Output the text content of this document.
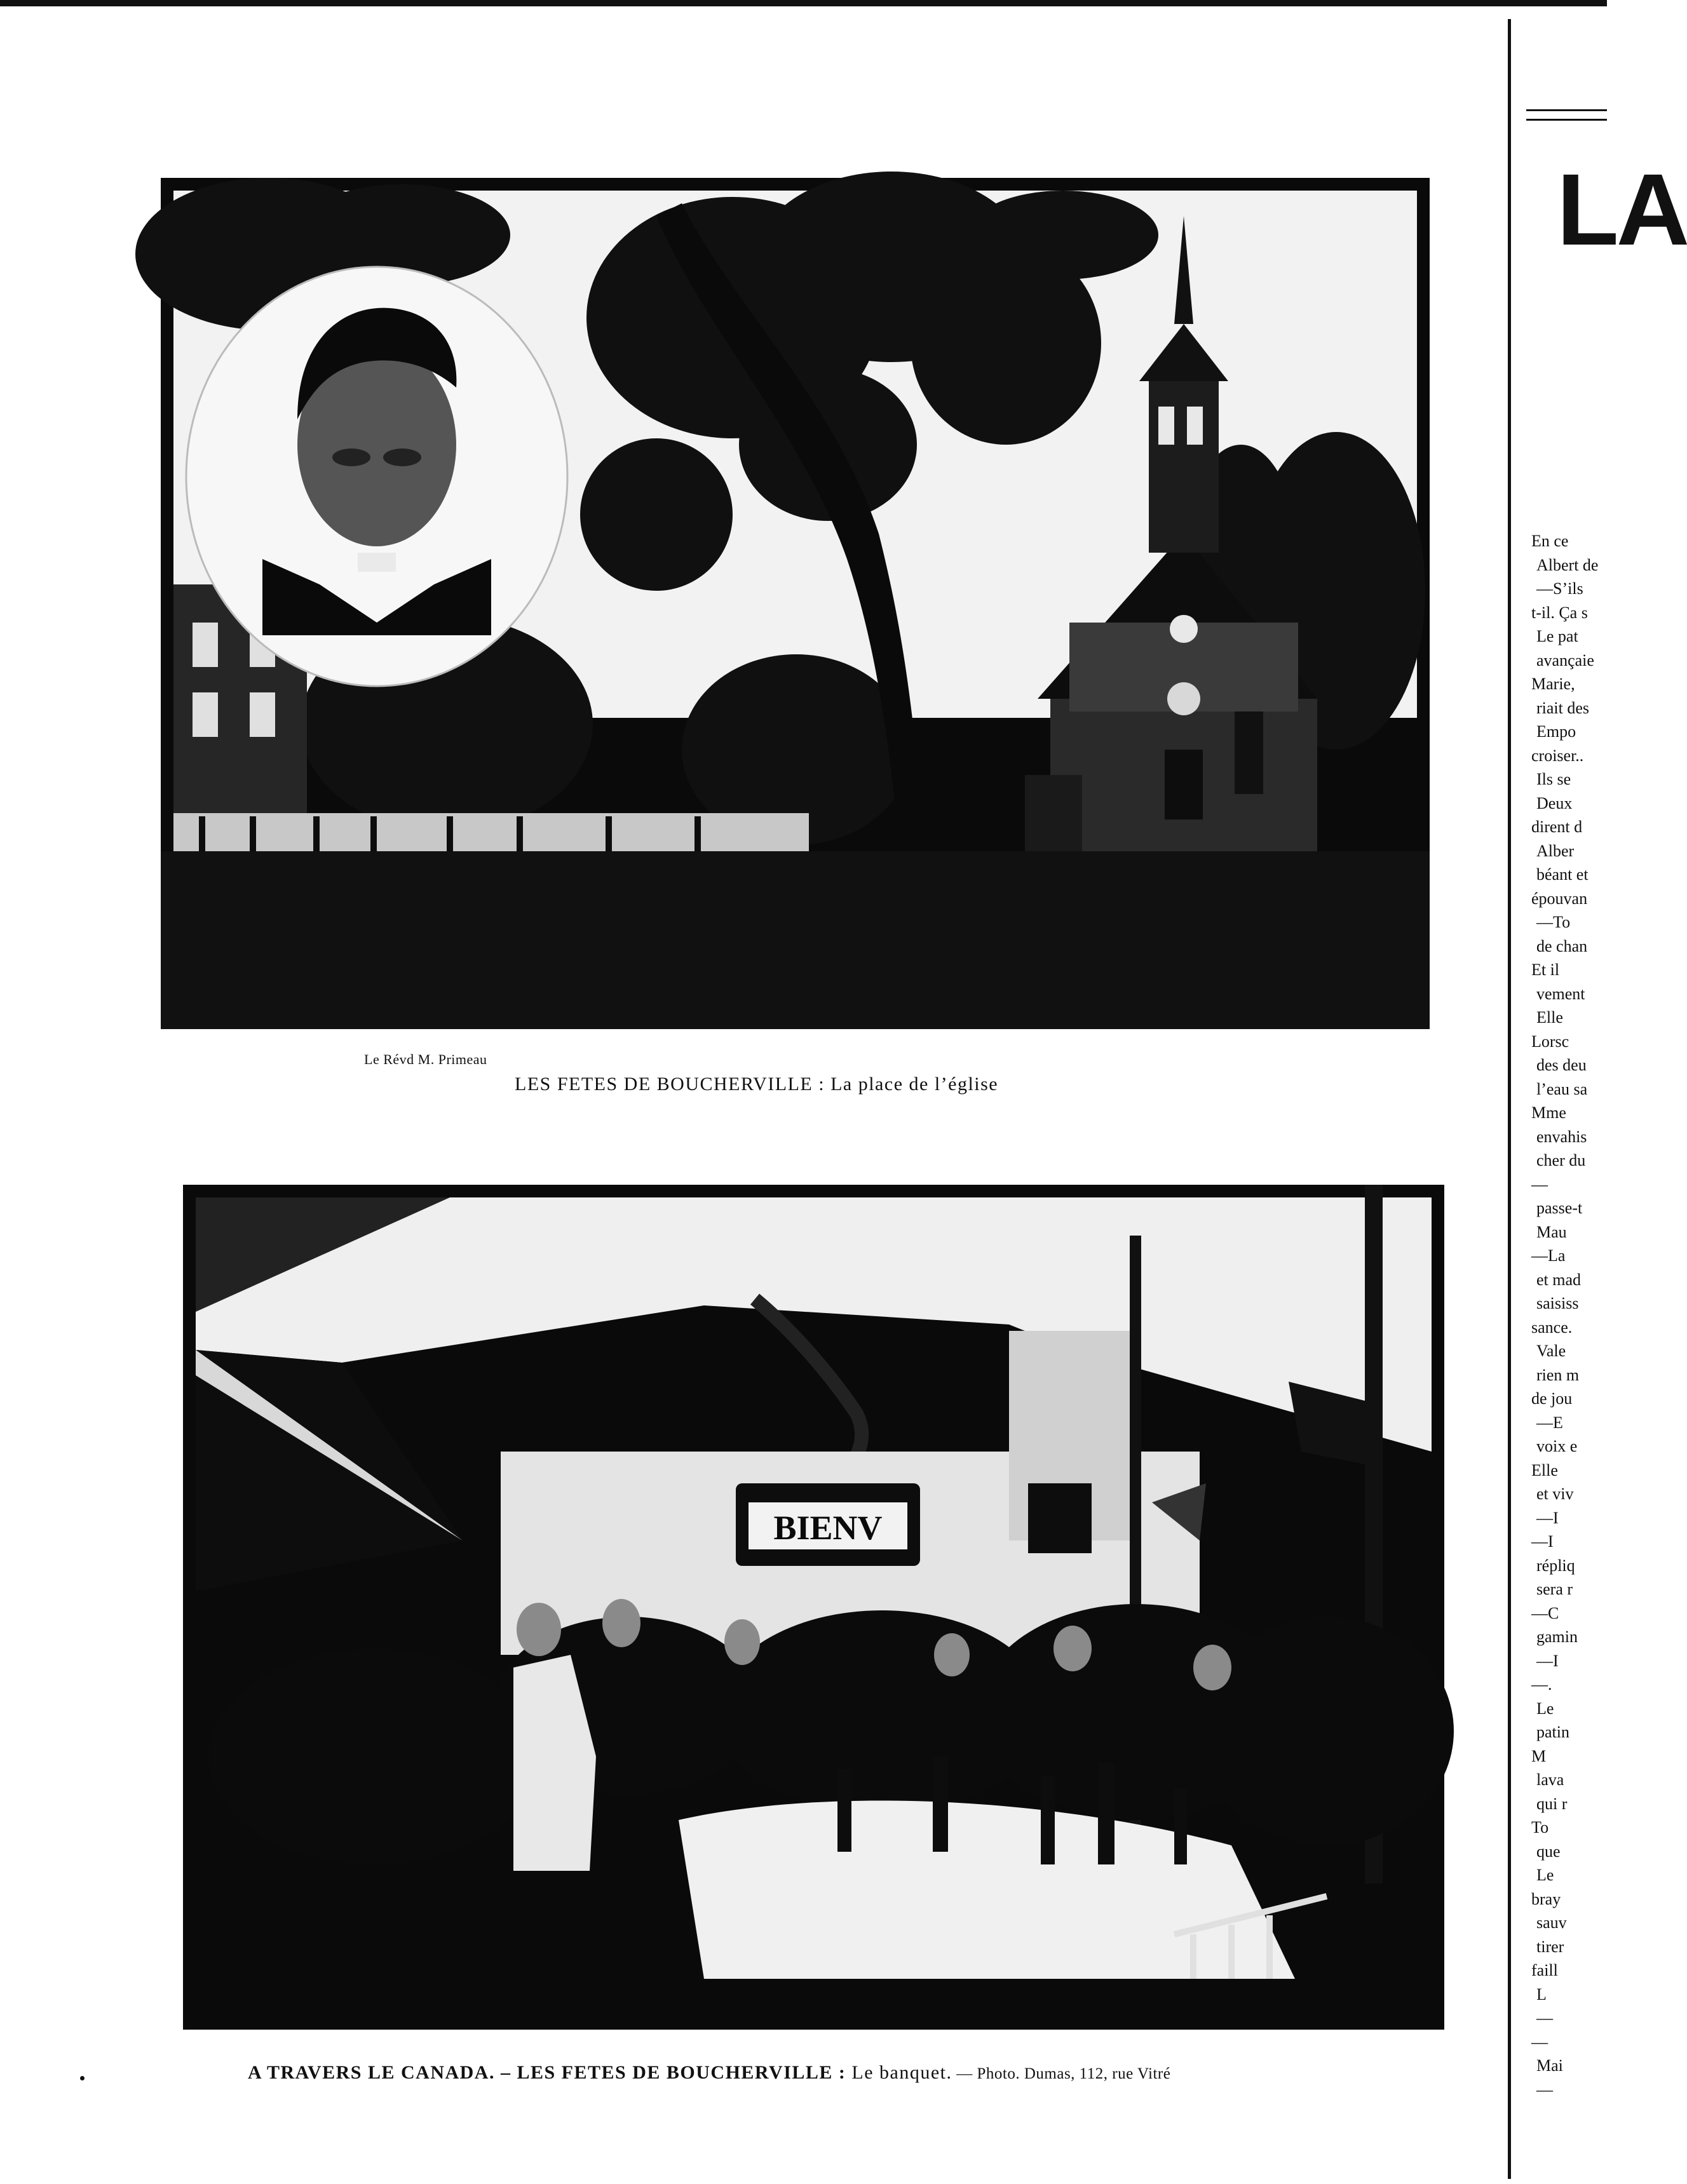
Le Révd M. Primeau
LES FETES DE BOUCHERVILLE : La place de l’église
BIENV
A TRAVERS LE CANADA. – LES FETES DE BOUCHERVILLE : Le banquet. — Photo. Dumas, 112, rue Vitré
LA
En ce
Albert de
—S’ils
t-il. Ça s
Le pat
avançaie
Marie,
riait des
Empo
croiser..
Ils se
Deux
dirent d
Alber
béant et
épouvan
—To
de chan
Et il
vement
Elle
Lorsc
des deu
l’eau sa
Mme
envahis
cher du
—
passe-t
Mau
—La
et mad
saisiss
sance.
Vale
rien m
de jou
—E
voix e
Elle
et viv
—I
—I
répliq
sera r
—C
gamin
—I
—.
Le
patin
M
lava
qui r
To
que
Le
bray
sauv
tirer
faill
L
—
—
Mai
—
